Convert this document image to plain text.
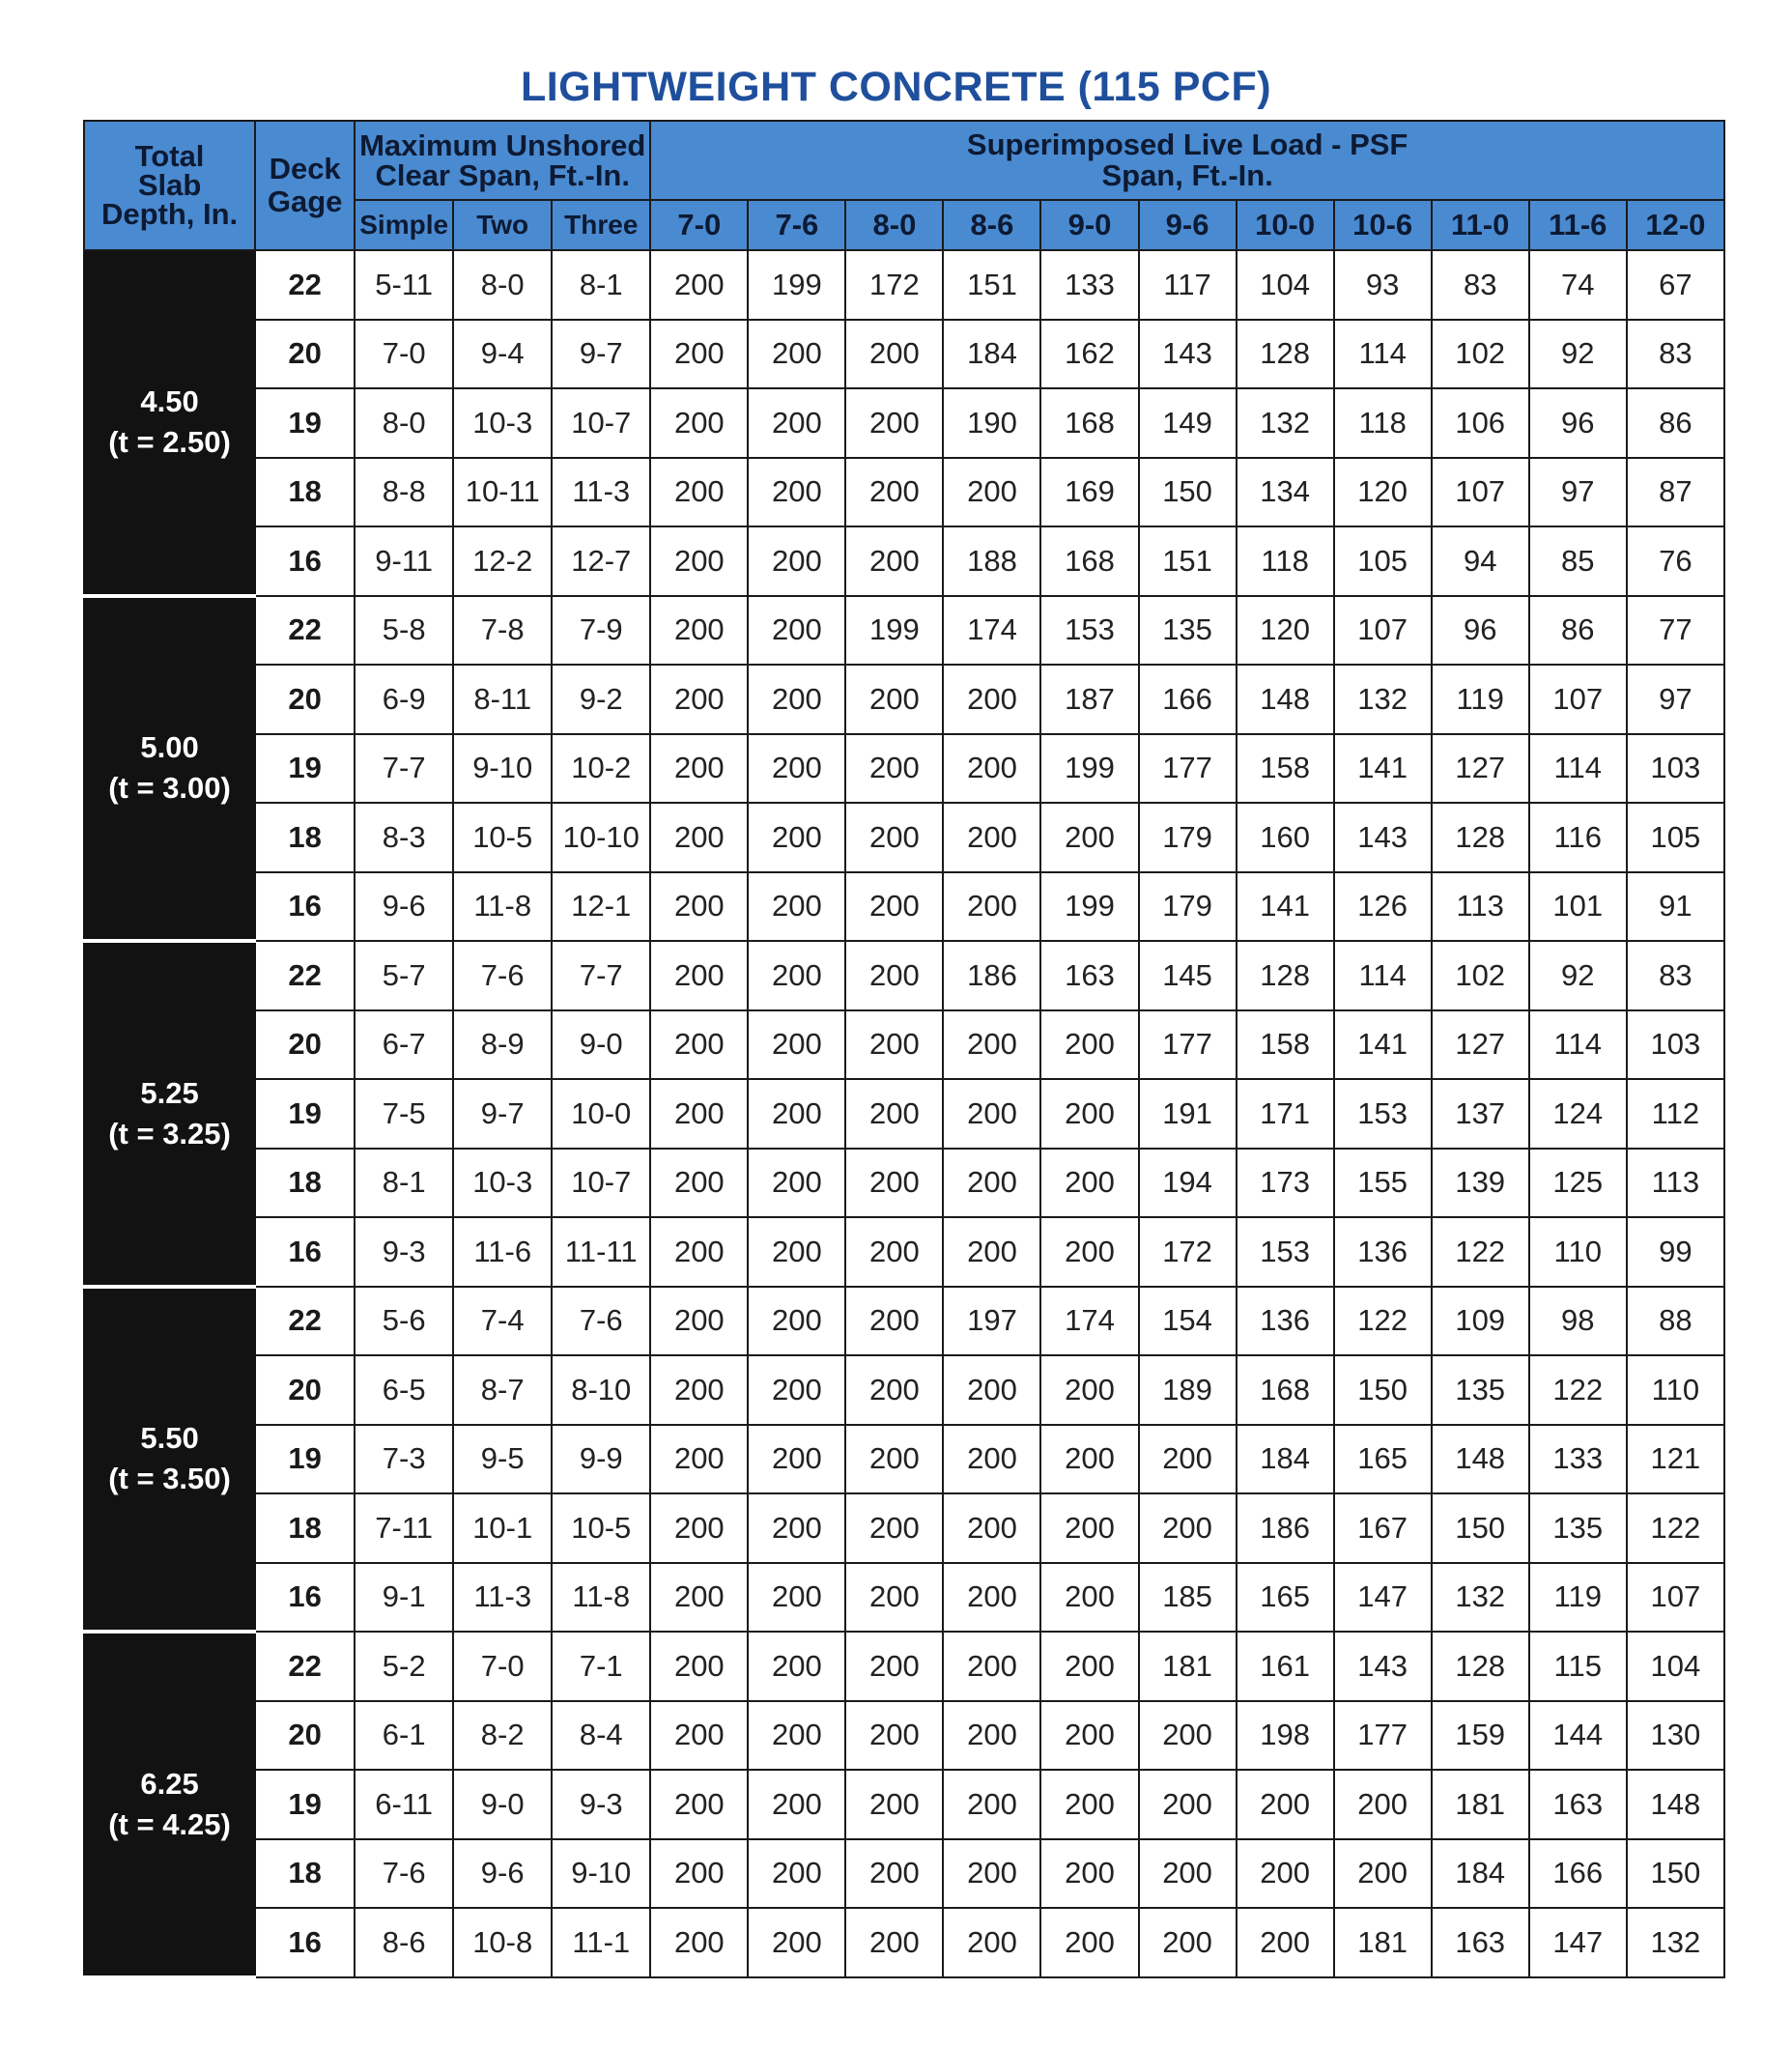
LIGHTWEIGHT CONCRETE (115 PCF)
Total
Slab
Depth, In.	Deck
Gage	Maximum Unshored
Clear Span, Ft.-In.			Superimposed Live Load - PSF
Span, Ft.-In.										
		Simple	Two	Three	7-0	7-6	8-0	8-6	9-0	9-6	10-0	10-6	11-0	11-6	12-0
4.50
(t = 2.50)	22	5-11	8-0	8-1	200	199	172	151	133	117	104	93	83	74	67
	20	7-0	9-4	9-7	200	200	200	184	162	143	128	114	102	92	83
	19	8-0	10-3	10-7	200	200	200	190	168	149	132	118	106	96	86
	18	8-8	10-11	11-3	200	200	200	200	169	150	134	120	107	97	87
	16	9-11	12-2	12-7	200	200	200	188	168	151	118	105	94	85	76
5.00
(t = 3.00)	22	5-8	7-8	7-9	200	200	199	174	153	135	120	107	96	86	77
	20	6-9	8-11	9-2	200	200	200	200	187	166	148	132	119	107	97
	19	7-7	9-10	10-2	200	200	200	200	199	177	158	141	127	114	103
	18	8-3	10-5	10-10	200	200	200	200	200	179	160	143	128	116	105
	16	9-6	11-8	12-1	200	200	200	200	199	179	141	126	113	101	91
5.25
(t = 3.25)	22	5-7	7-6	7-7	200	200	200	186	163	145	128	114	102	92	83
	20	6-7	8-9	9-0	200	200	200	200	200	177	158	141	127	114	103
	19	7-5	9-7	10-0	200	200	200	200	200	191	171	153	137	124	112
	18	8-1	10-3	10-7	200	200	200	200	200	194	173	155	139	125	113
	16	9-3	11-6	11-11	200	200	200	200	200	172	153	136	122	110	99
5.50
(t = 3.50)	22	5-6	7-4	7-6	200	200	200	197	174	154	136	122	109	98	88
	20	6-5	8-7	8-10	200	200	200	200	200	189	168	150	135	122	110
	19	7-3	9-5	9-9	200	200	200	200	200	200	184	165	148	133	121
	18	7-11	10-1	10-5	200	200	200	200	200	200	186	167	150	135	122
	16	9-1	11-3	11-8	200	200	200	200	200	185	165	147	132	119	107
6.25
(t = 4.25)	22	5-2	7-0	7-1	200	200	200	200	200	181	161	143	128	115	104
	20	6-1	8-2	8-4	200	200	200	200	200	200	198	177	159	144	130
	19	6-11	9-0	9-3	200	200	200	200	200	200	200	200	181	163	148
	18	7-6	9-6	9-10	200	200	200	200	200	200	200	200	184	166	150
	16	8-6	10-8	11-1	200	200	200	200	200	200	200	181	163	147	132
